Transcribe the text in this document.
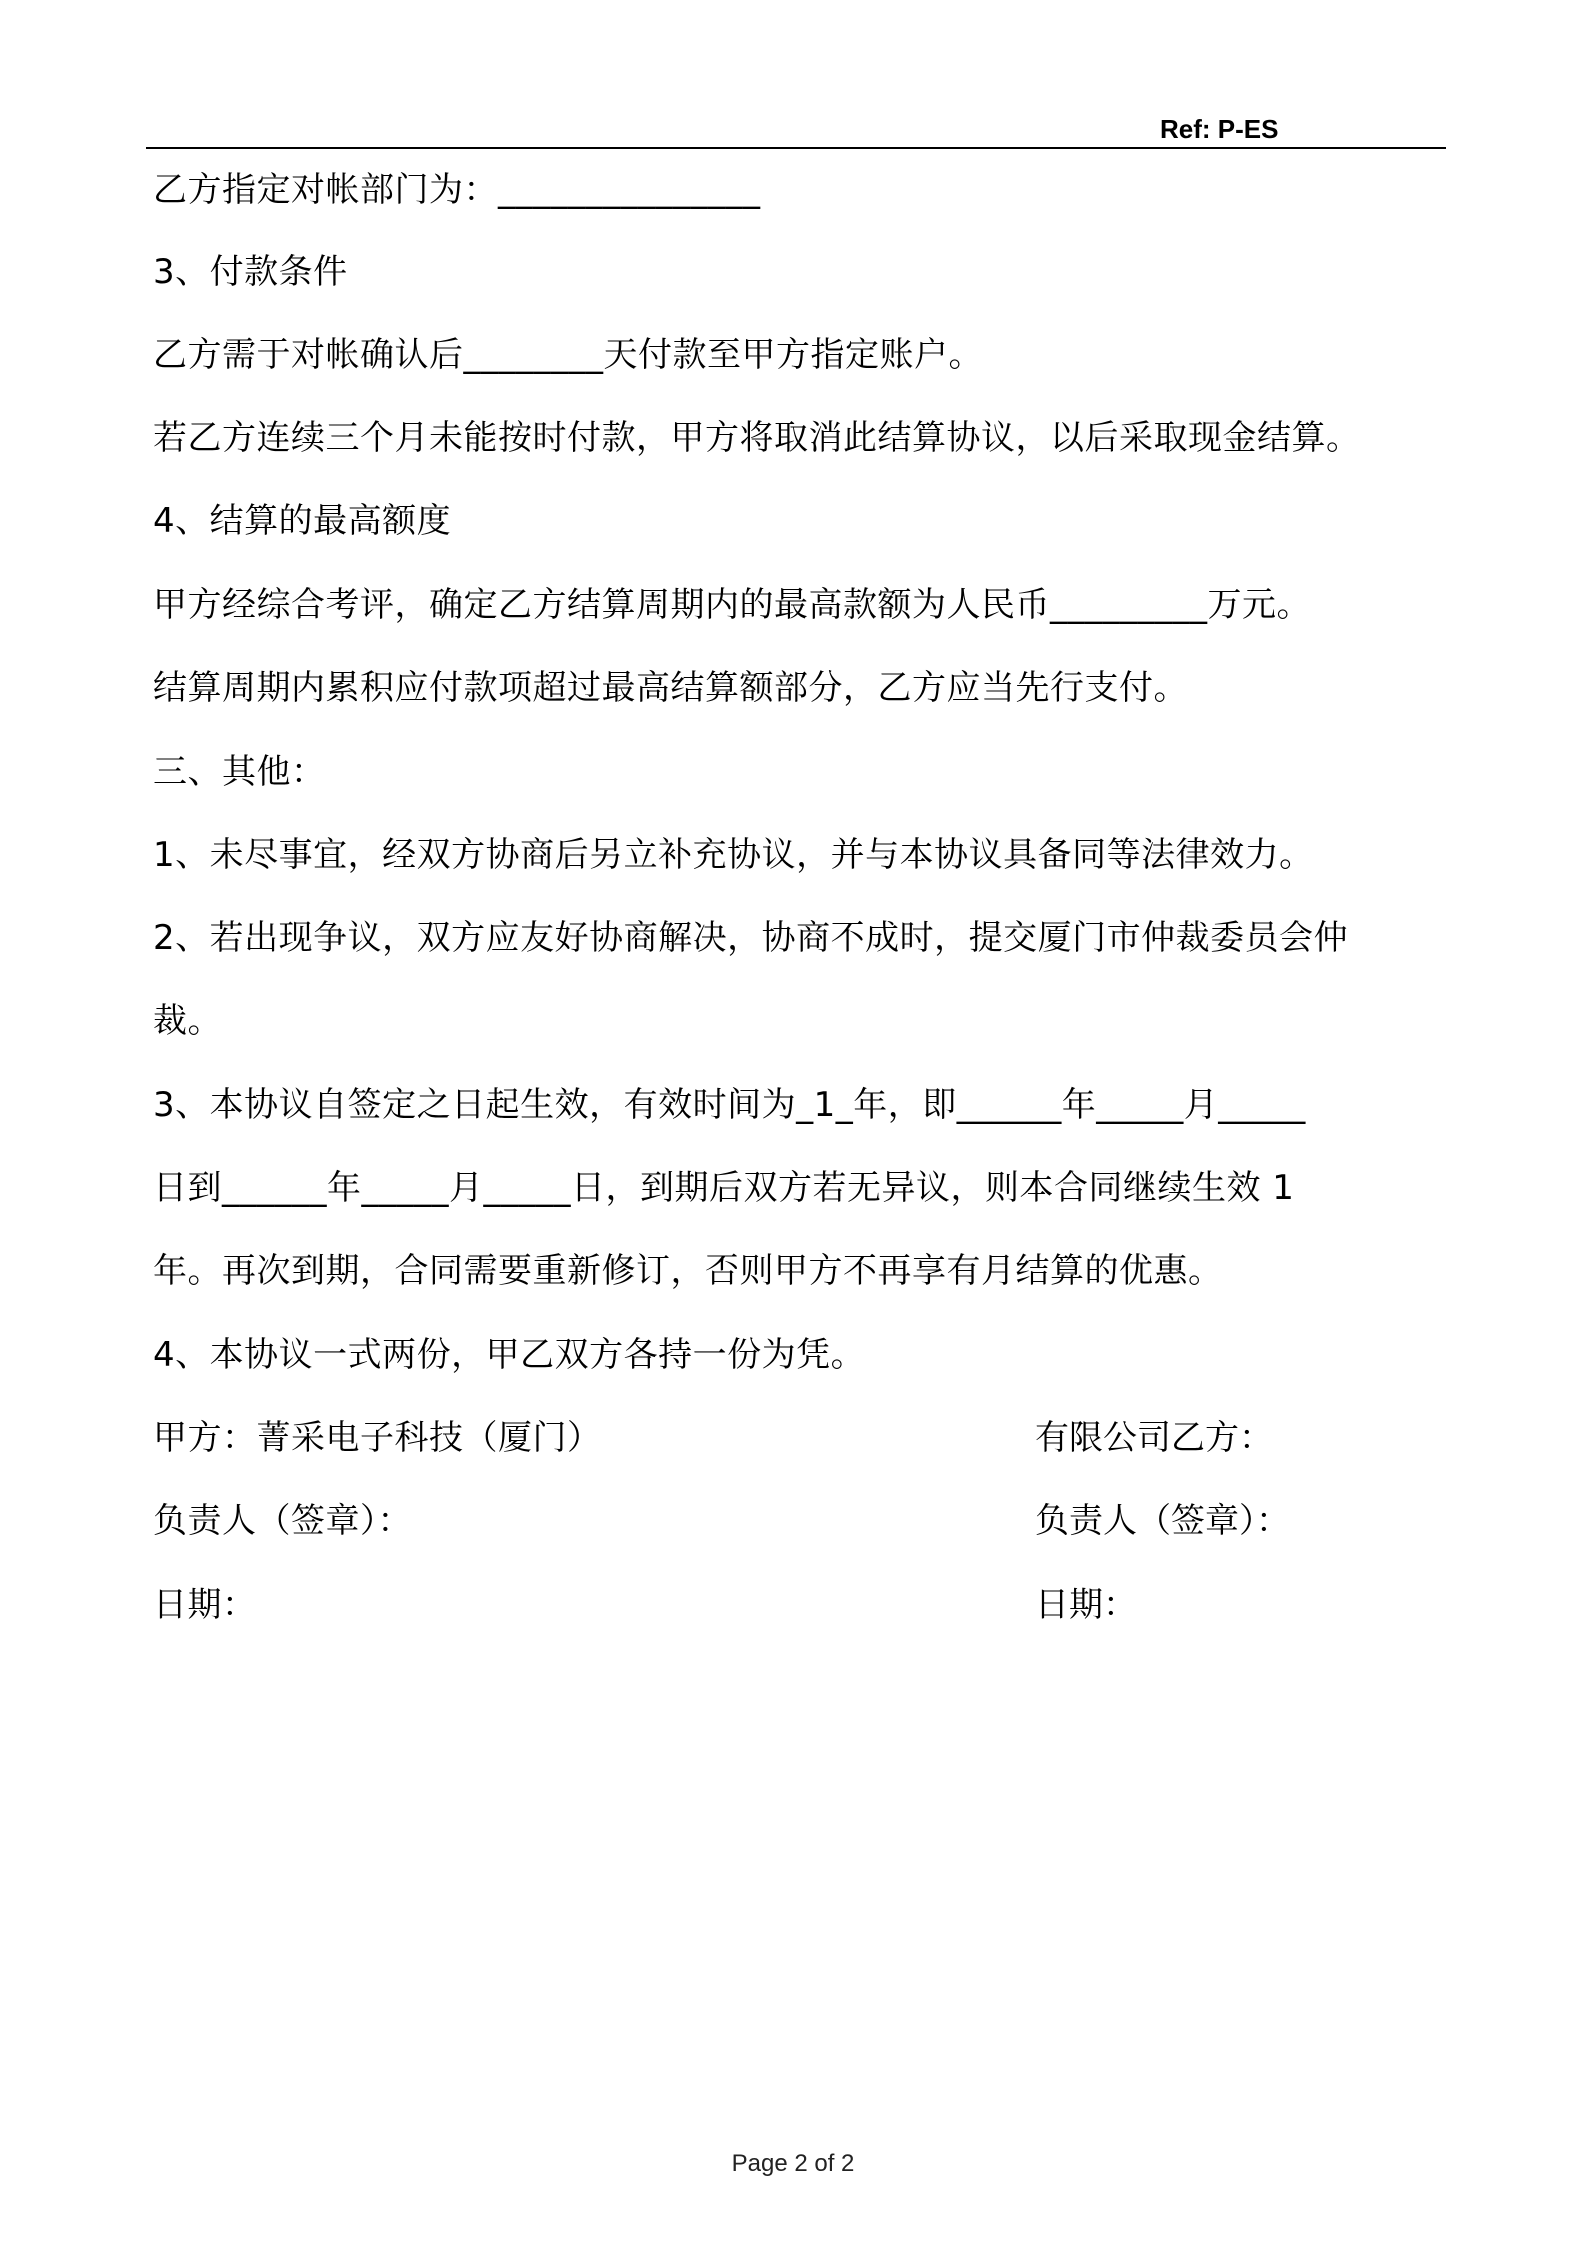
Ref: P-ES
乙方指定对帐部门为：_______________
3、付款条件
乙方需于对帐确认后________天付款至甲方指定账户。
若乙方连续三个月未能按时付款，甲方将取消此结算协议，以后采取现金结算。
4、结算的最高额度
甲方经综合考评，确定乙方结算周期内的最高款额为人民币_________万元。
结算周期内累积应付款项超过最高结算额部分，乙方应当先行支付。
三、其他：
1、未尽事宜，经双方协商后另立补充协议，并与本协议具备同等法律效力。
2、若出现争议，双方应友好协商解决，协商不成时，提交厦门市仲裁委员会仲
裁。
3、本协议自签定之日起生效，有效时间为_1_年，即______年_____月_____
日到______年_____月_____日，到期后双方若无异议，则本合同继续生效 1
年。再次到期，合同需要重新修订，否则甲方不再享有月结算的优惠。
4、本协议一式两份，甲乙双方各持一份为凭。
甲方：菁采电子科技（厦门）	有限公司乙方：
负责人（签章）：	负责人（签章）：
日期：	日期：
Page 2 of 2
